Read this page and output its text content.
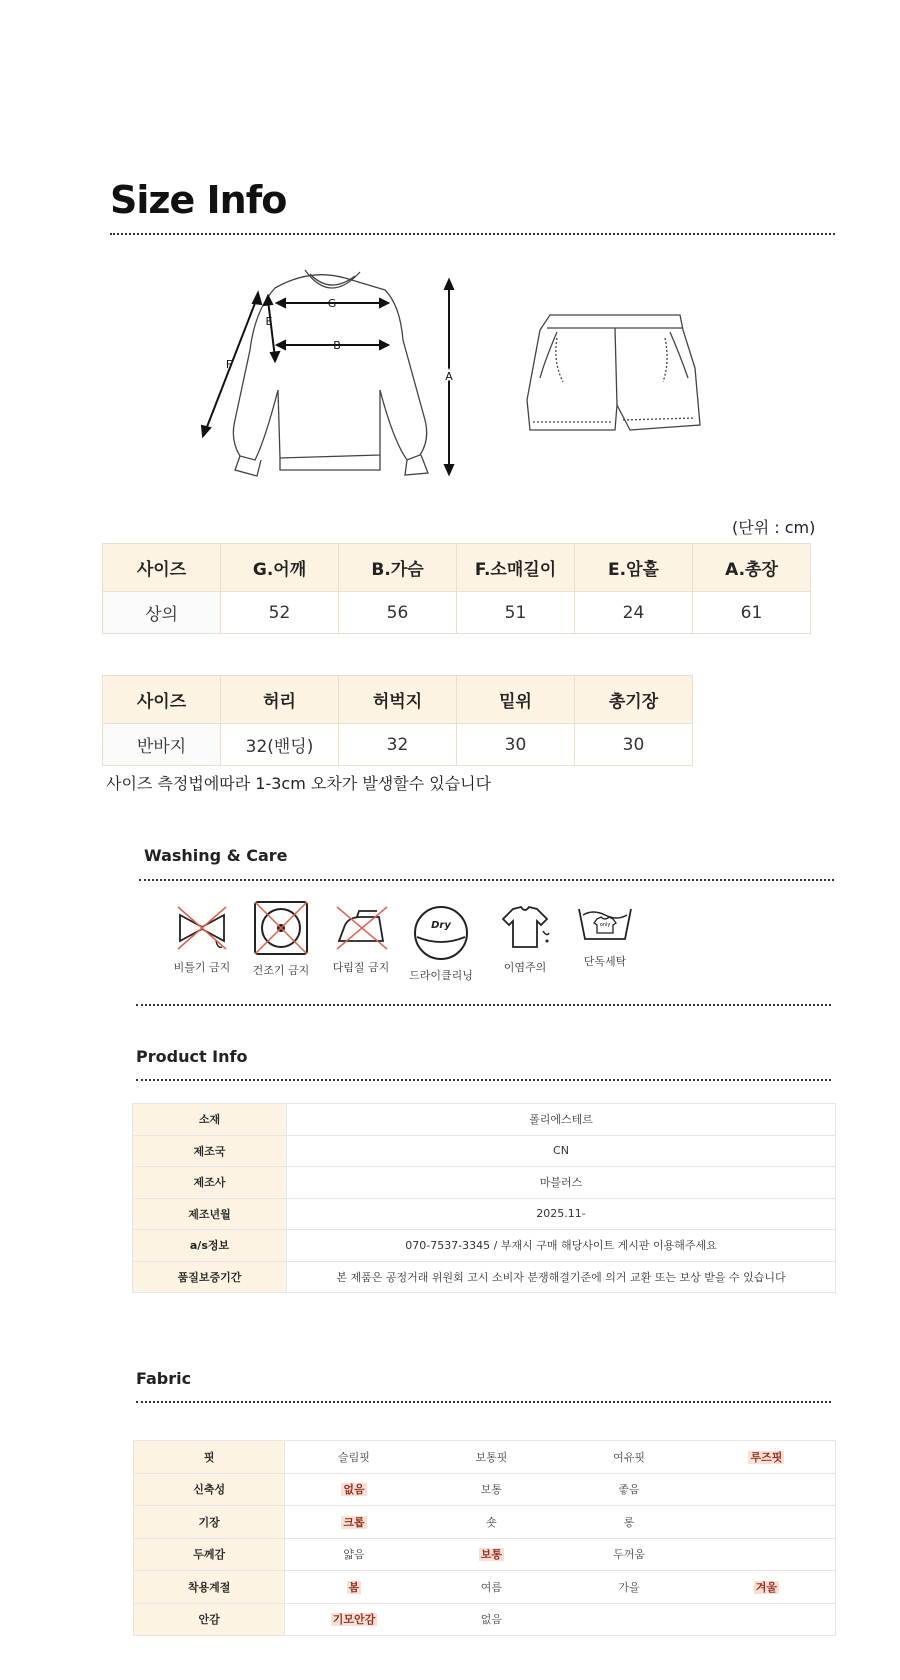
Size Info
G
E
B
F
A
(단위 : cm)
사이즈	G.어깨	B.가슴	F.소매길이	E.암홀	A.총장
상의	52	56	51	24	61
사이즈	허리	허벅지	밑위	총기장
반바지	32(밴딩)	32	30	30
사이즈 측정법에따라 1-3cm 오차가 발생할수 있습니다
Washing & Care
비틀기 금지	건조기 금지	다림질 금지
Dry
드라이클리닝
이염주의
only
단독세탁
Product Info
소재	폴리에스테르
제조국	CN
제조사	마블러스
제조년월	2025.11-
a/s정보	070-7537-3345 / 부재시 구매 해당사이트 게시판 이용해주세요
품질보증기간	본 제품은 공정거래 위원회 고시 소비자 분쟁해결기준에 의거 교환 또는 보상 받을 수 있습니다
Fabric
핏	슬림핏	보통핏	여유핏	루즈핏
신축성	없음	보통	좋음	
기장	크롭	숏	롱	
두께감	얇음	보통	두꺼움	
착용계절	봄	여름	가을	겨울
안감	기모안감	없음		
